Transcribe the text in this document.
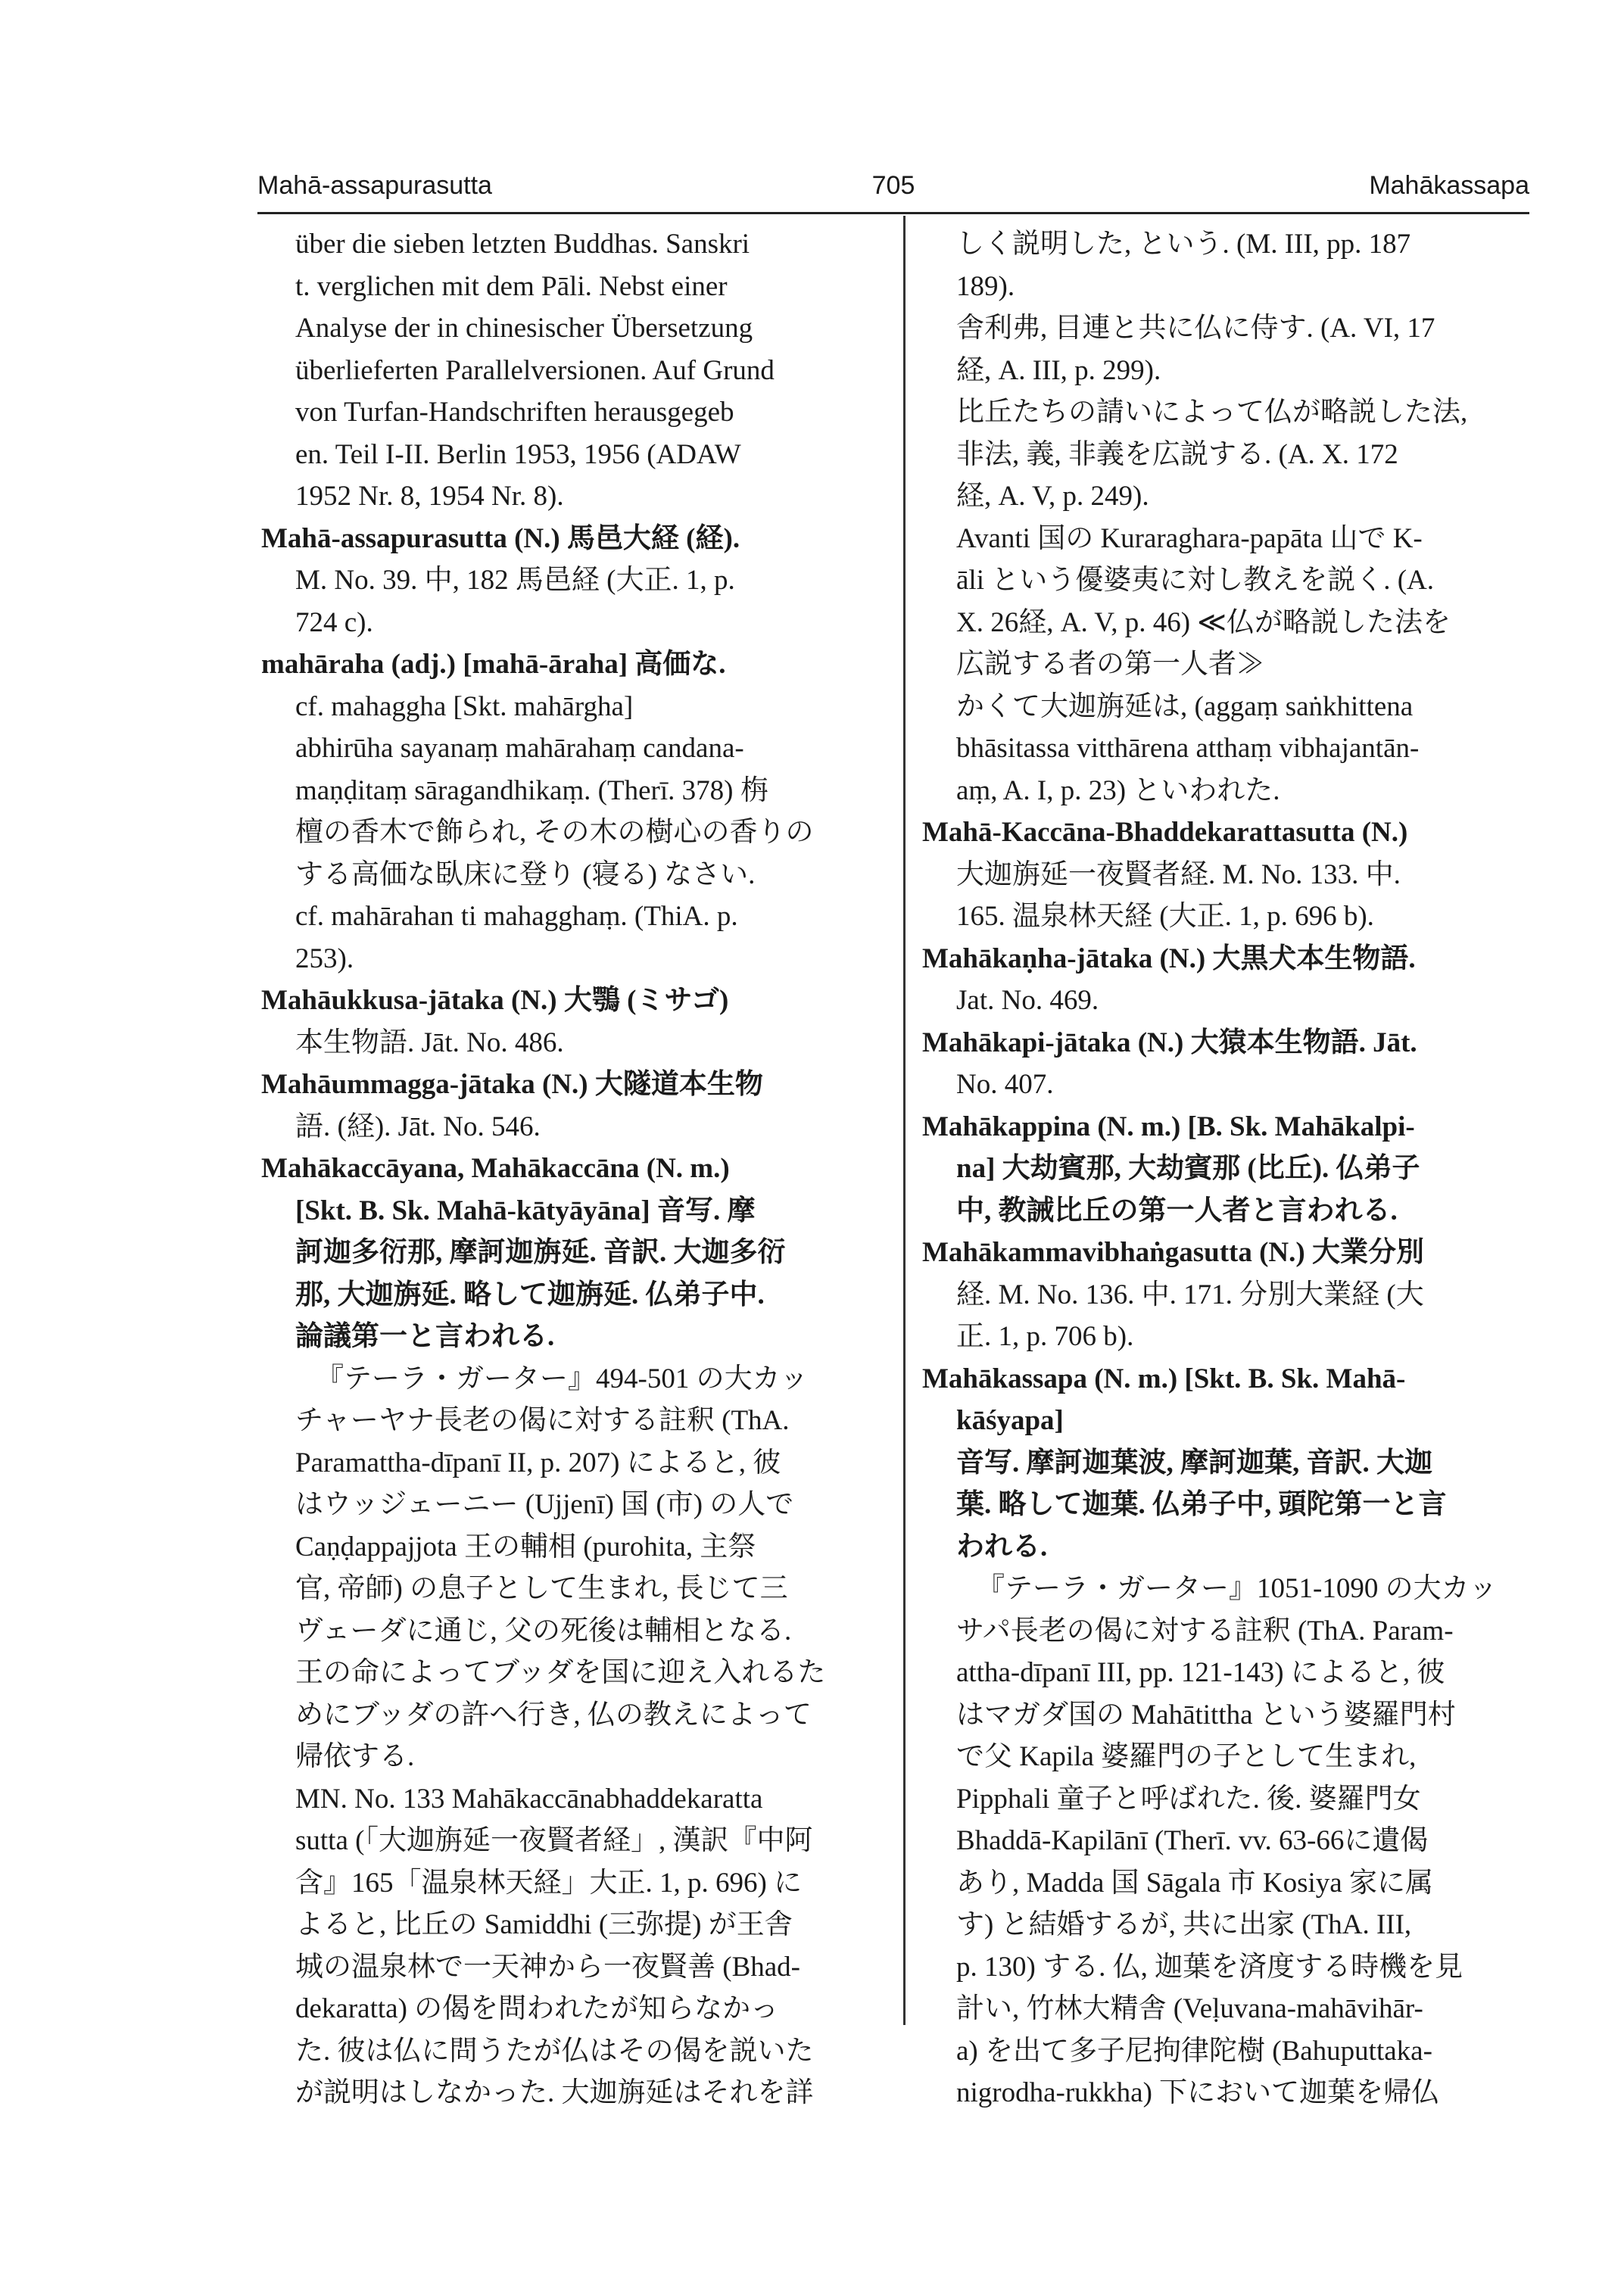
Mahā-assapurasutta	705	Mahākassapa
über die sieben letzten Buddhas. Sanskri
t. verglichen mit dem Pāli. Nebst einer
Analyse der in chinesischer Übersetzung
überlieferten Parallelversionen. Auf Grund
von Turfan-Handschriften herausgegeb
en. Teil I-II. Berlin 1953, 1956 (ADAW
1952 Nr. 8, 1954 Nr. 8).
Mahā-assapurasutta (N.) 馬邑大経 (経).
M. No. 39. 中, 182 馬邑経 (大正. 1, p.
724 c).
mahāraha (adj.) [mahā-āraha] 高価な.
cf. mahaggha [Skt. mahārgha]
abhirūha sayanaṃ mahārahaṃ candana-
maṇḍitaṃ sāragandhikaṃ. (Therī. 378) 栴
檀の香木で飾られ, その木の樹心の香りの
する高価な臥床に登り (寝る) なさい.
cf. mahārahan ti mahagghaṃ. (ThiA. p.
253).
Mahāukkusa-jātaka (N.) 大鶚 (ミサゴ)
本生物語. Jāt. No. 486.
Mahāummagga-jātaka (N.) 大隧道本生物
語. (経). Jāt. No. 546.
Mahākaccāyana, Mahākaccāna (N. m.)
[Skt. B. Sk. Mahā-kātyāyāna] 音写. 摩
訶迦多衍那, 摩訶迦旃延. 音訳. 大迦多衍
那, 大迦旃延. 略して迦旃延. 仏弟子中.
論議第一と言われる.
『テーラ・ガーター』494-501 の大カッ
チャーヤナ長老の偈に対する註釈 (ThA.
Paramattha-dīpanī II, p. 207) によると, 彼
はウッジェーニー (Ujjenī) 国 (市) の人で
Caṇḍappajjota 王の輔相 (purohita, 主祭
官, 帝師) の息子として生まれ, 長じて三
ヴェーダに通じ, 父の死後は輔相となる.
王の命によってブッダを国に迎え入れるた
めにブッダの許へ行き, 仏の教えによって
帰依する.
MN. No. 133 Mahākaccānabhaddekaratta
sutta (「大迦旃延一夜賢者経」, 漢訳『中阿
含』165「温泉林天経」大正. 1, p. 696) に
よると, 比丘の Samiddhi (三弥提) が王舎
城の温泉林で一天神から一夜賢善 (Bhad-
dekaratta) の偈を問われたが知らなかっ
た. 彼は仏に問うたが仏はその偈を説いた
が説明はしなかった. 大迦旃延はそれを詳
しく説明した, という. (M. III, pp. 187
189).
舎利弗, 目連と共に仏に侍す. (A. VI, 17
経, A. III, p. 299).
比丘たちの請いによって仏が略説した法,
非法, 義, 非義を広説する. (A. X. 172
経, A. V, p. 249).
Avanti 国の Kuraraghara-papāta 山で K-
āli という優婆夷に対し教えを説く. (A.
X. 26経, A. V, p. 46) ≪仏が略説した法を
広説する者の第一人者≫
かくて大迦旃延は, (aggaṃ saṅkhittena
bhāsitassa vitthārena atthaṃ vibhajantān-
aṃ, A. I, p. 23) といわれた.
Mahā-Kaccāna-Bhaddekarattasutta (N.)
大迦旃延一夜賢者経. M. No. 133. 中.
165. 温泉林天経 (大正. 1, p. 696 b).
Mahākaṇha-jātaka (N.) 大黒犬本生物語.
Jat. No. 469.
Mahākapi-jātaka (N.) 大猿本生物語. Jāt.
No. 407.
Mahākappina (N. m.) [B. Sk. Mahākalpi-
na] 大劫賓那, 大劫賓那 (比丘). 仏弟子
中, 教誡比丘の第一人者と言われる.
Mahākammavibhaṅgasutta (N.) 大業分別
経. M. No. 136. 中. 171. 分別大業経 (大
正. 1, p. 706 b).
Mahākassapa (N. m.) [Skt. B. Sk. Mahā-
kāśyapa]
音写. 摩訶迦葉波, 摩訶迦葉, 音訳. 大迦
葉. 略して迦葉. 仏弟子中, 頭陀第一と言
われる.
『テーラ・ガーター』1051-1090 の大カッ
サパ長老の偈に対する註釈 (ThA. Param-
attha-dīpanī III, pp. 121-143) によると, 彼
はマガダ国の Mahātittha という婆羅門村
で父 Kapila 婆羅門の子として生まれ,
Pipphali 童子と呼ばれた. 後. 婆羅門女
Bhaddā-Kapilānī (Therī. vv. 63-66に遺偈
あり, Madda 国 Sāgala 市 Kosiya 家に属
す) と結婚するが, 共に出家 (ThA. III,
p. 130) する. 仏, 迦葉を済度する時機を見
計い, 竹林大精舎 (Veḷuvana-mahāvihār-
a) を出て多子尼拘律陀樹 (Bahuputtaka-
nigrodha-rukkha) 下において迦葉を帰仏
